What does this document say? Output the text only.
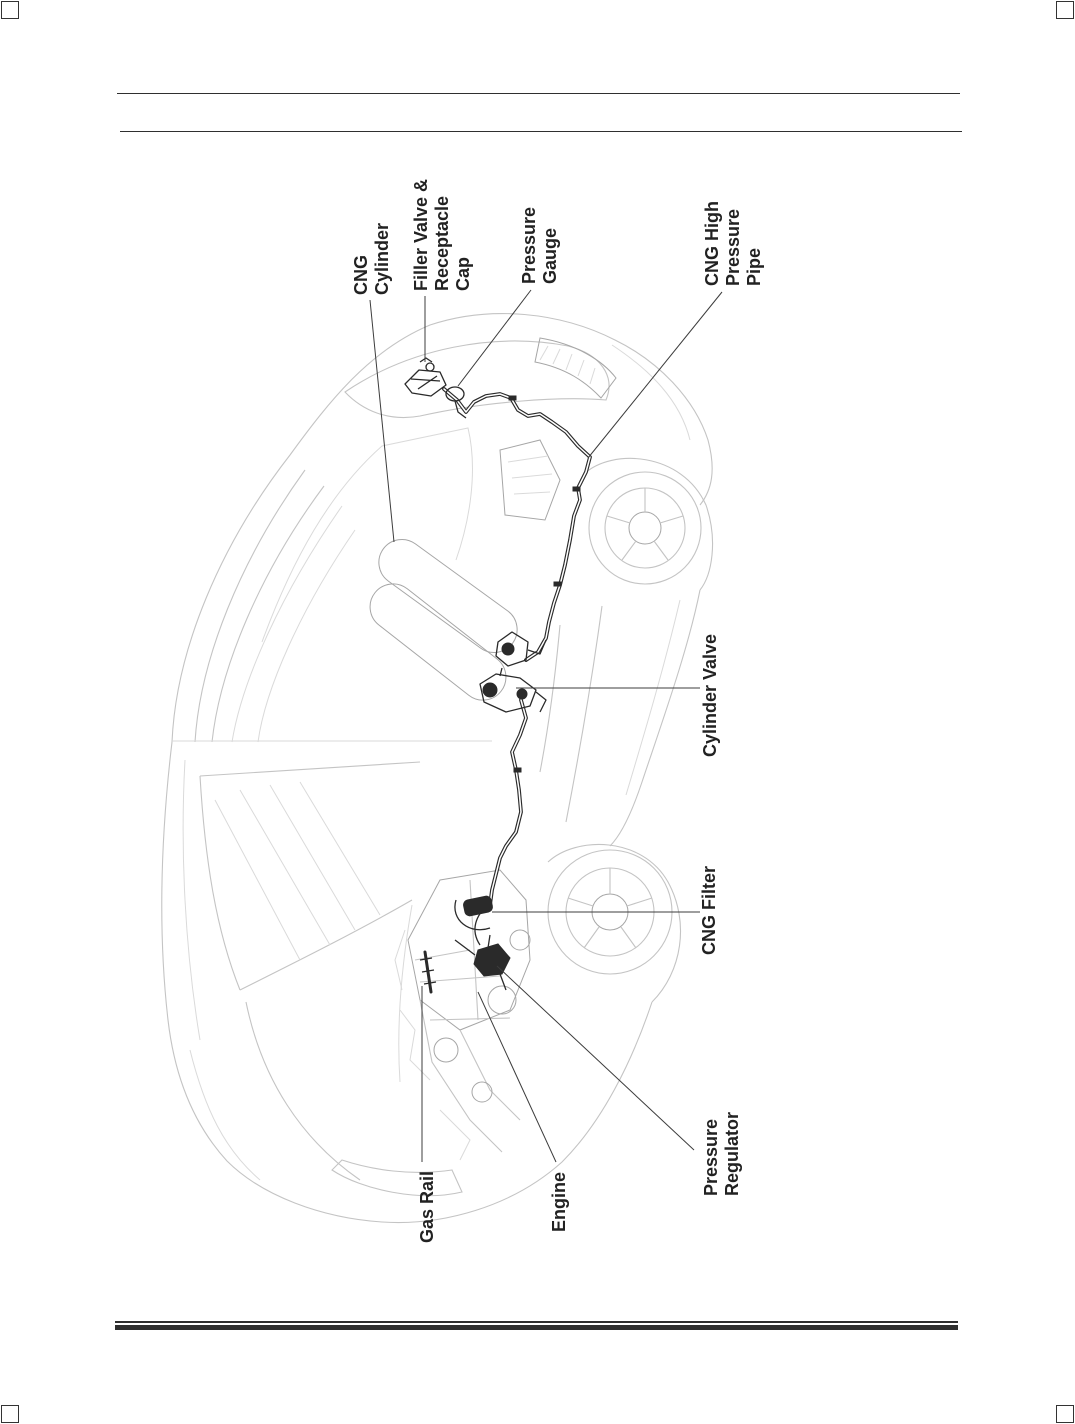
CNG Cylinder Filler Valve & Receptacle Cap	Pressure Gauge	CNG High Pressure Pipe
Cylinder Valve
CNG Filter
Gas Rail	Engine
Pressure Regulator
